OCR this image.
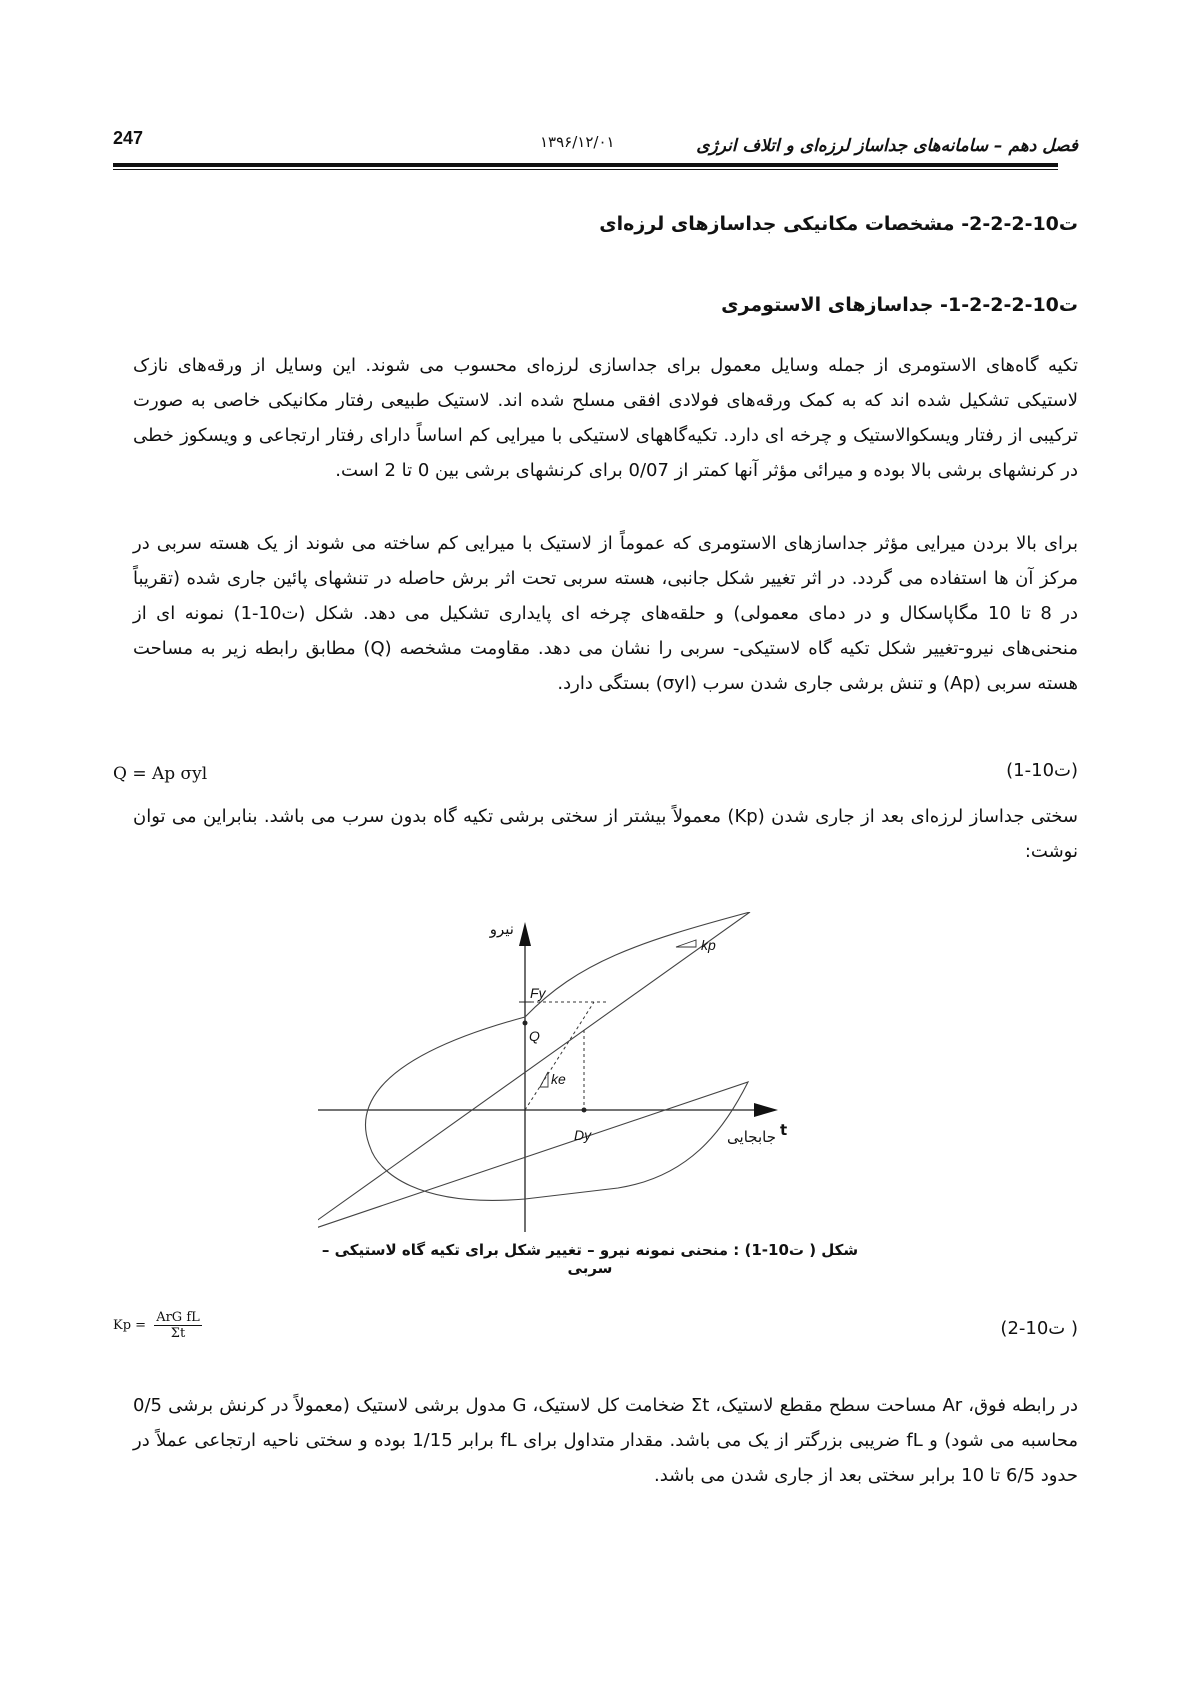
247	۱۳۹۶/۱۲/۰۱	فصل دهم – سامانه‌های جداساز لرزه‌ای و اتلاف انرژی
ت10-2-2-2- مشخصات مکانیکی جداسازهای لرزه‌ای
ت10-2-2-2-1- جداسازهای الاستومری
تکیه گاه‌های الاستومری از جمله وسایل معمول برای جداسازی لرزه‌ای محسوب می شوند. این وسایل از ورقه‌های نازک لاستیکی تشکیل شده اند که به کمک ورقه‌های فولادی افقی مسلح شده اند. لاستیک طبیعی رفتار مکانیکی خاصی به صورت ترکیبی از رفتار ویسکوالاستیک و چرخه ای دارد. تکیه‌گاههای لاستیکی با میرایی کم اساساً دارای رفتار ارتجاعی و ویسکوز خطی در کرنشهای برشی بالا بوده و میرائی مؤثر آنها کمتر از 0/07 برای کرنشهای برشی بین 0 تا 2 است.
برای بالا بردن میرایی مؤثر جداسازهای الاستومری که عموماً از لاستیک با میرایی کم ساخته می شوند از یک هسته سربی در مرکز آن ها استفاده می گردد. در اثر تغییر شکل جانبی، هسته سربی تحت اثر برش حاصله در تنشهای پائین جاری شده (تقریباً در 8 تا 10 مگاپاسکال و در دمای معمولی) و حلقه‌های چرخه ای پایداری تشکیل می دهد. شکل (ت10-1) نمونه ای از منحنی‌های نیرو-تغییر شکل تکیه گاه لاستیکی- سربی را نشان می دهد. مقاومت مشخصه (Q) مطابق رابطه زیر به مساحت هسته سربی (Ap) و تنش برشی جاری شدن سرب (σyl) بستگی دارد.
Q = Ap σyl	(ت10-1)
سختی جداساز لرزه‌ای بعد از جاری شدن (Kp) معمولاً بیشتر از سختی برشی تکیه گاه بدون سرب می باشد. بنابراین می توان نوشت:
نیرو
t
جابجایی
Fy
Q
ke
kp
Dy
شکل ( ت10-1) : منحنی نمونه نیرو – تغییر شکل برای تکیه گاه لاستیکی – سربی
$Kp = \frac{\text{ArG fL}}{\Sigma t}$	( ت10-2)
در رابطه فوق، Ar مساحت سطح مقطع لاستیک، Σt ضخامت کل لاستیک، G مدول برشی لاستیک (معمولاً در کرنش برشی 0/5 محاسبه می شود) و fL ضریبی بزرگتر از یک می باشد. مقدار متداول برای fL برابر 1/15 بوده و سختی ناحیه ارتجاعی عملاً در حدود 6/5 تا 10 برابر سختی بعد از جاری شدن می باشد.
